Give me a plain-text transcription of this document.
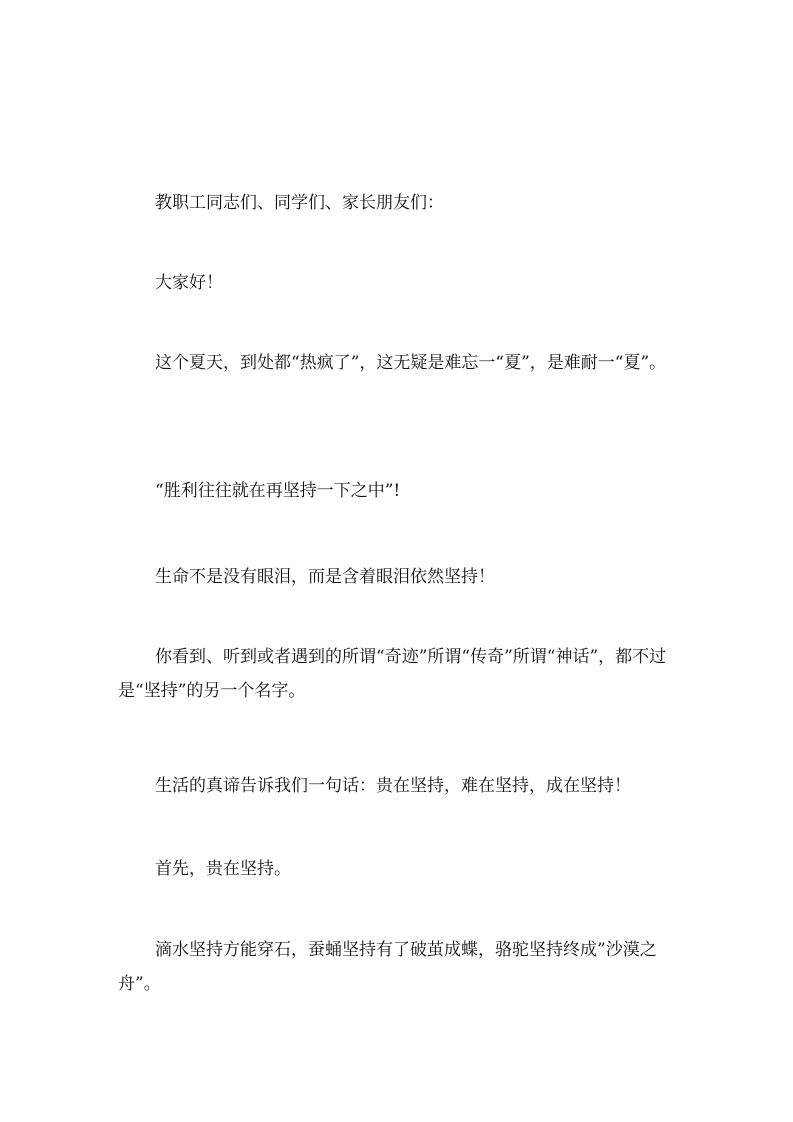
教职工同志们、同学们、家长朋友们：

大家好！

这个夏天，到处都“热疯了”，这无疑是难忘一“夏”，是难耐一“夏”。

“胜利往往就在再坚持一下之中”!

生命不是没有眼泪，而是含着眼泪依然坚持！

你看到、听到或者遇到的所谓“奇迹”所谓“传奇”所谓“神话”，都不过是“坚持”的另一个名字。

生活的真谛告诉我们一句话：贵在坚持，难在坚持，成在坚持！

首先，贵在坚持。

滴水坚持方能穿石，蚕蛹坚持有了破茧成蝶，骆驼坚持终成”沙漠之舟”。
